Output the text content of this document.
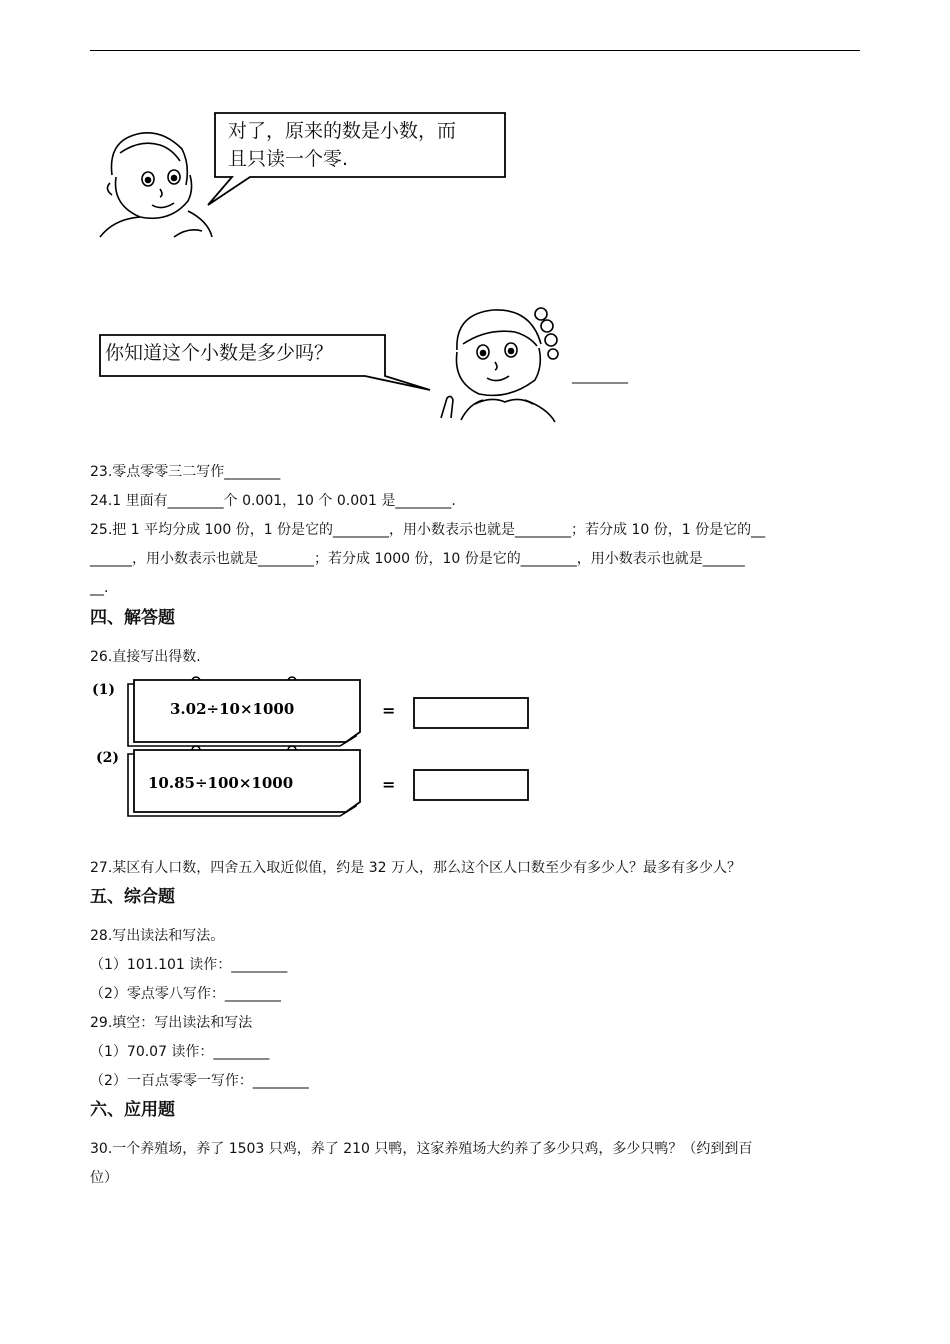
对了，原来的数是小数，而
且只读一个零.
你知道这个小数是多少吗？
________
23.零点零零三二写作________
24.1 里面有________个 0.001，10 个 0.001 是________.
25.把 1 平均分成 100 份，1 份是它的________，用小数表示也就是________；若分成 10 份，1 份是它的__
______，用小数表示也就是________；若分成 1000 份，10 份是它的________，用小数表示也就是______
__.
四、解答题
26.直接写出得数.
(1)
3.02÷10×1000	=
(2)
10.85÷100×1000	=
27.某区有人口数，四舍五入取近似值，约是 32 万人，那么这个区人口数至少有多少人？最多有多少人？
五、综合题
28.写出读法和写法。
（1）101.101 读作：________
（2）零点零八写作：________
29.填空：写出读法和写法
（1）70.07 读作：________
（2）一百点零零一写作：________
六、应用题
30.一个养殖场，养了 1503 只鸡，养了 210 只鸭，这家养殖场大约养了多少只鸡，多少只鸭？（约到到百
位）
